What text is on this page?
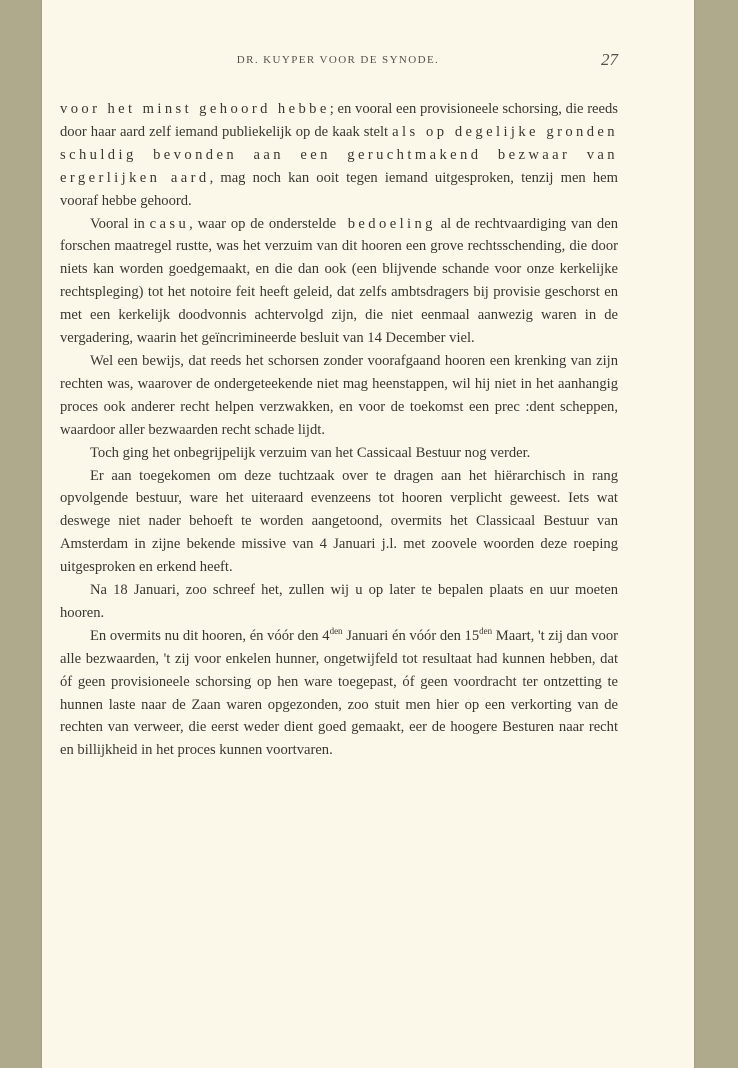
DR. KUYPER VOOR DE SYNODE.	27

voor het minst gehoord hebbe; en vooral een provisioneele schorsing, die reeds door haar aard zelf iemand publiekelijk op de kaak stelt als op degelijke gronden schuldig bevonden aan een geruchtmakend bezwaar van ergerlijken aard, mag noch kan ooit tegen iemand uitgesproken, tenzij men hem vooraf hebbe gehoord.

Vooral in casu, waar op de onderstelde bedoeling al de rechtvaardiging van den forschen maatregel rustte, was het verzuim van dit hooren een grove rechtsschending, die door niets kan worden goedgemaakt, en die dan ook (een blijvende schande voor onze kerkelijke rechtspleging) tot het notoire feit heeft geleid, dat zelfs ambtsdragers bij provisie geschorst en met een kerkelijk doodvonnis achtervolgd zijn, die niet eenmaal aanwezig waren in de vergadering, waarin het geïncrimineerde besluit van 14 December viel.

Wel een bewijs, dat reeds het schorsen zonder voorafgaand hooren een krenking van zijn rechten was, waarover de ondergeteekende niet mag heenstappen, wil hij niet in het aanhangig proces ook anderer recht helpen verzwakken, en voor de toekomst een prec :dent scheppen, waardoor aller bezwaarden recht schade lijdt.

Toch ging het onbegrijpelijk verzuim van het Cassicaal Bestuur nog verder.

Er aan toegekomen om deze tuchtzaak over te dragen aan het hiërarchisch in rang opvolgende bestuur, ware het uiteraard evenzeens tot hooren verplicht geweest. Iets wat deswege niet nader behoeft te worden aangetoond, overmits het Classicaal Bestuur van Amsterdam in zijne bekende missive van 4 Januari j.l. met zoovele woorden deze roeping uitgesproken en erkend heeft.

Na 18 Januari, zoo schreef het, zullen wij u op later te bepalen plaats en uur moeten hooren.

En overmits nu dit hooren, én vóór den $4^{den}$ Januari én vóór den $15^{den}$ Maart, 't zij dan voor alle bezwaarden, 't zij voor enkelen hunner, ongetwijfeld tot resultaat had kunnen hebben, dat óf geen provisioneele schorsing op hen ware toegepast, óf geen voordracht ter ontzetting te hunnen laste naar de Zaan waren opgezonden, zoo stuit men hier op een verkorting van de rechten van verweer, die eerst weder dient goed gemaakt, eer de hoogere Besturen naar recht en billijkheid in het proces kunnen voortvaren.
